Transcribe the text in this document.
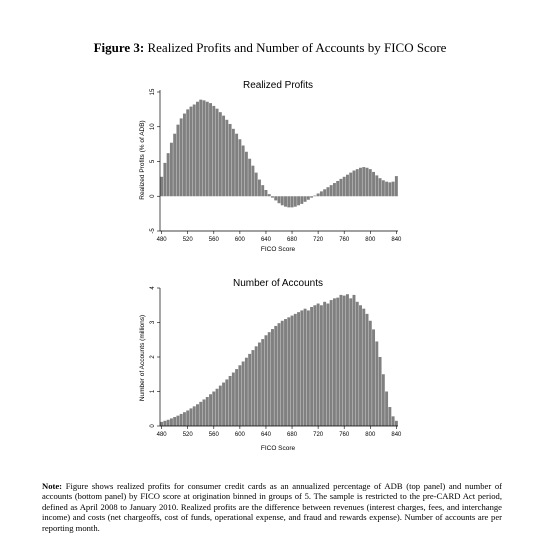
Figure 3: Realized Profits and Number of Accounts by FICO Score
Realized Profits
480	520	560	600	640	680	720	760	800	840
-5
0
5
10
15
FICO Score
Realized Profits (% of ADB)
Number of Accounts
480	520	560	600	640	680	720	760	800	840
0
1
2
3
4
FICO Score
Number of Accounts (millions)
Note: Figure shows realized profits for consumer credit cards as an annualized percentage of ADB (top panel) and number of accounts (bottom panel) by FICO score at origination binned in groups of 5. The sample is restricted to the pre-CARD Act period, defined as April 2008 to January 2010. Realized profits are the difference between revenues (interest charges, fees, and interchange income) and costs (net chargeoffs, cost of funds, operational expense, and fraud and rewards expense). Number of accounts are per reporting month.
